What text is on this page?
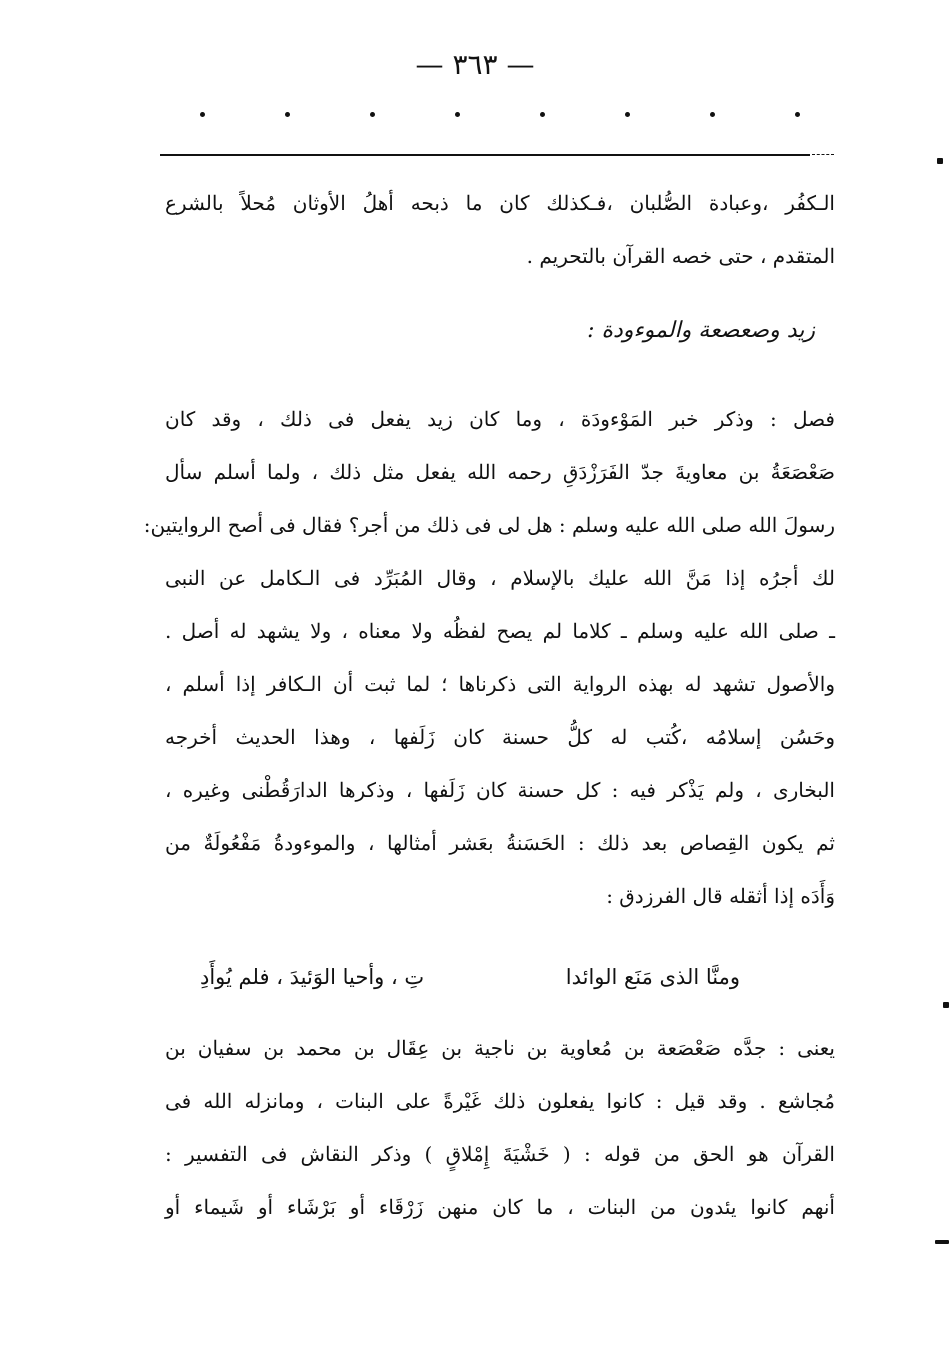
— ٣٦٣ —
الـكفُر ،وعبادة الصُّلبان ،فـكذلك كان ما ذبحه أهلُ الأوثان مُحلاً بالشرع
المتقدم ، حتى خصه القرآن بالتحريم .
زيد وصعصعة والموءودة :
فصل : وذكر خبر المَوْءودَة ، وما كان زيد يفعل فى ذلك ، وقد كان
صَعْصَعَةُ بن معاويةَ جدّ الفَرَزْدَقِ رحمه الله يفعل مثل ذلك ، ولما أسلم سأل
رسولَ الله صلى الله عليه وسلم : هل لى فى ذلك من أجر؟ فقال فى أصح الروايتين:
لك أجرُه إذا مَنَّ الله عليك بالإسلام ، وقال المُبَرِّد فى الـكامل عن النبى
ـ صلى الله عليه وسلم ـ كلاما لم يصح لفظُه ولا معناه ، ولا يشهد له أصل .
والأصول تشهد له بهذه الرواية التى ذكرناها ؛ لما ثبت أن الـكافر إذا أسلم ،
وحَسُن إسلامُه ،كُتب له كلُّ حسنة كان زَلَفها ، وهذا الحديث أخرجه
البخارى ، ولم يَذْكر فيه : كل حسنة كان زَلَفها ، وذكرها الدارَقُطْنى وغيره ،
ثم يكون القِصاص بعد ذلك : الحَسَنةُ بعَشر أمثالها ، والموءودةُ مَفْعُولَةٌ من
وَأَدَه إذا أثقله قال الفرزدق :
ومنَّا الذى مَنَع الوائدا
تِ ، وأحيا الوَئيدَ ، فلم يُوأَدِ
يعنى : جدَّه صَعْصَعة بن مُعاوية بن ناجية بن عِقَال بن محمد بن سفيان بن
مُجاشع . وقد قيل : كانوا يفعلون ذلك غَيْرةً على البنات ، ومانزله الله فى
القرآن هو الحق من قوله : ( خَشْيَةَ إِمْلاقٍ ) وذكر النقاش فى التفسير :
أنهم كانوا يئدون من البنات ، ما كان منهن زَرْقَاء أو بَرْشَاء أو شَيماء أو
